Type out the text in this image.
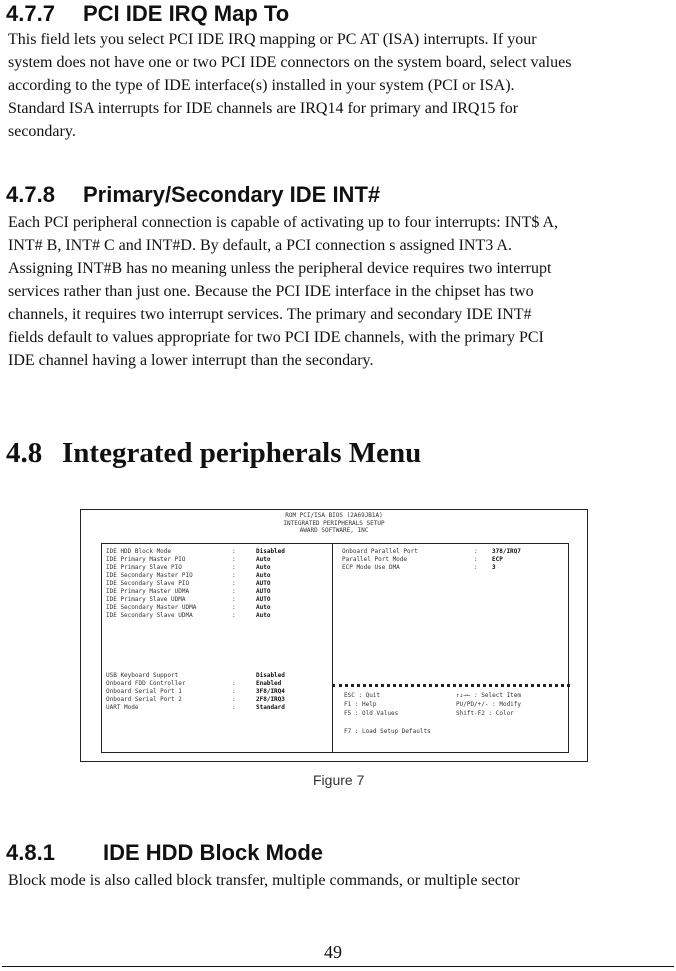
4.7.7 PCI IDE IRQ Map To

This field lets you select PCI IDE IRQ mapping or PC AT (ISA) interrupts. If your
system does not have one or two PCI IDE connectors on the system board, select values
according to the type of IDE interface(s) installed in your system (PCI or ISA).
Standard ISA interrupts for IDE channels are IRQ14 for primary and IRQ15 for
secondary.

4.7.8 Primary/Secondary IDE INT#

Each PCI peripheral connection is capable of activating up to four interrupts: INT$ A,
INT# B, INT# C and INT#D. By default, a PCI connection s assigned INT3 A.
Assigning INT#B has no meaning unless the peripheral device requires two interrupt
services rather than just one. Because the PCI IDE interface in the chipset has two
channels, it requires two interrupt services. The primary and secondary IDE INT#
fields default to values appropriate for two PCI IDE channels, with the primary PCI
IDE channel having a lower interrupt than the secondary.

4.8 Integrated peripherals Menu
ROM PCI/ISA BIOS (2A69JB1A)
INTEGRATED PERIPHERALS SETUP
AWARD SOFTWARE, INC
IDE HDD Block Mode	:	Disabled
IDE Primary Master PIO	:	Auto
IDE Primary Slave PIO	:	Auto
IDE Secondary Master PIO	:	Auto
IDE Secondary Slave PIO	:	AUTO
IDE Primary Master UDMA	:	AUTO
IDE Primary Slave UDMA	:	AUTO
IDE Secondary Master UDMA	:	Auto
IDE Secondary Slave UDMA	:	Auto
USB Keyboard Support	Disabled
Onboard FDD Controller	:	Enabled
Onboard Serial Port 1	:	3F8/IRQ4
Onboard Serial Port 2	:	2F8/IRQ3
UART Mode	:	Standard
Onboard Parallel Port	: 378/IRQ7
Parallel Port Mode	: ECP
ECP Mode Use DMA	: 3
ESC : Quit	↑↓→← : Select Item
F1 : Help	PU/PD/+/- : Modify
F5 : Old Values	Shift-F2 : Color
F7 : Load Setup Defaults
Figure 7
4.8.1 IDE HDD Block Mode

Block mode is also called block transfer, multiple commands, or multiple sector

49
